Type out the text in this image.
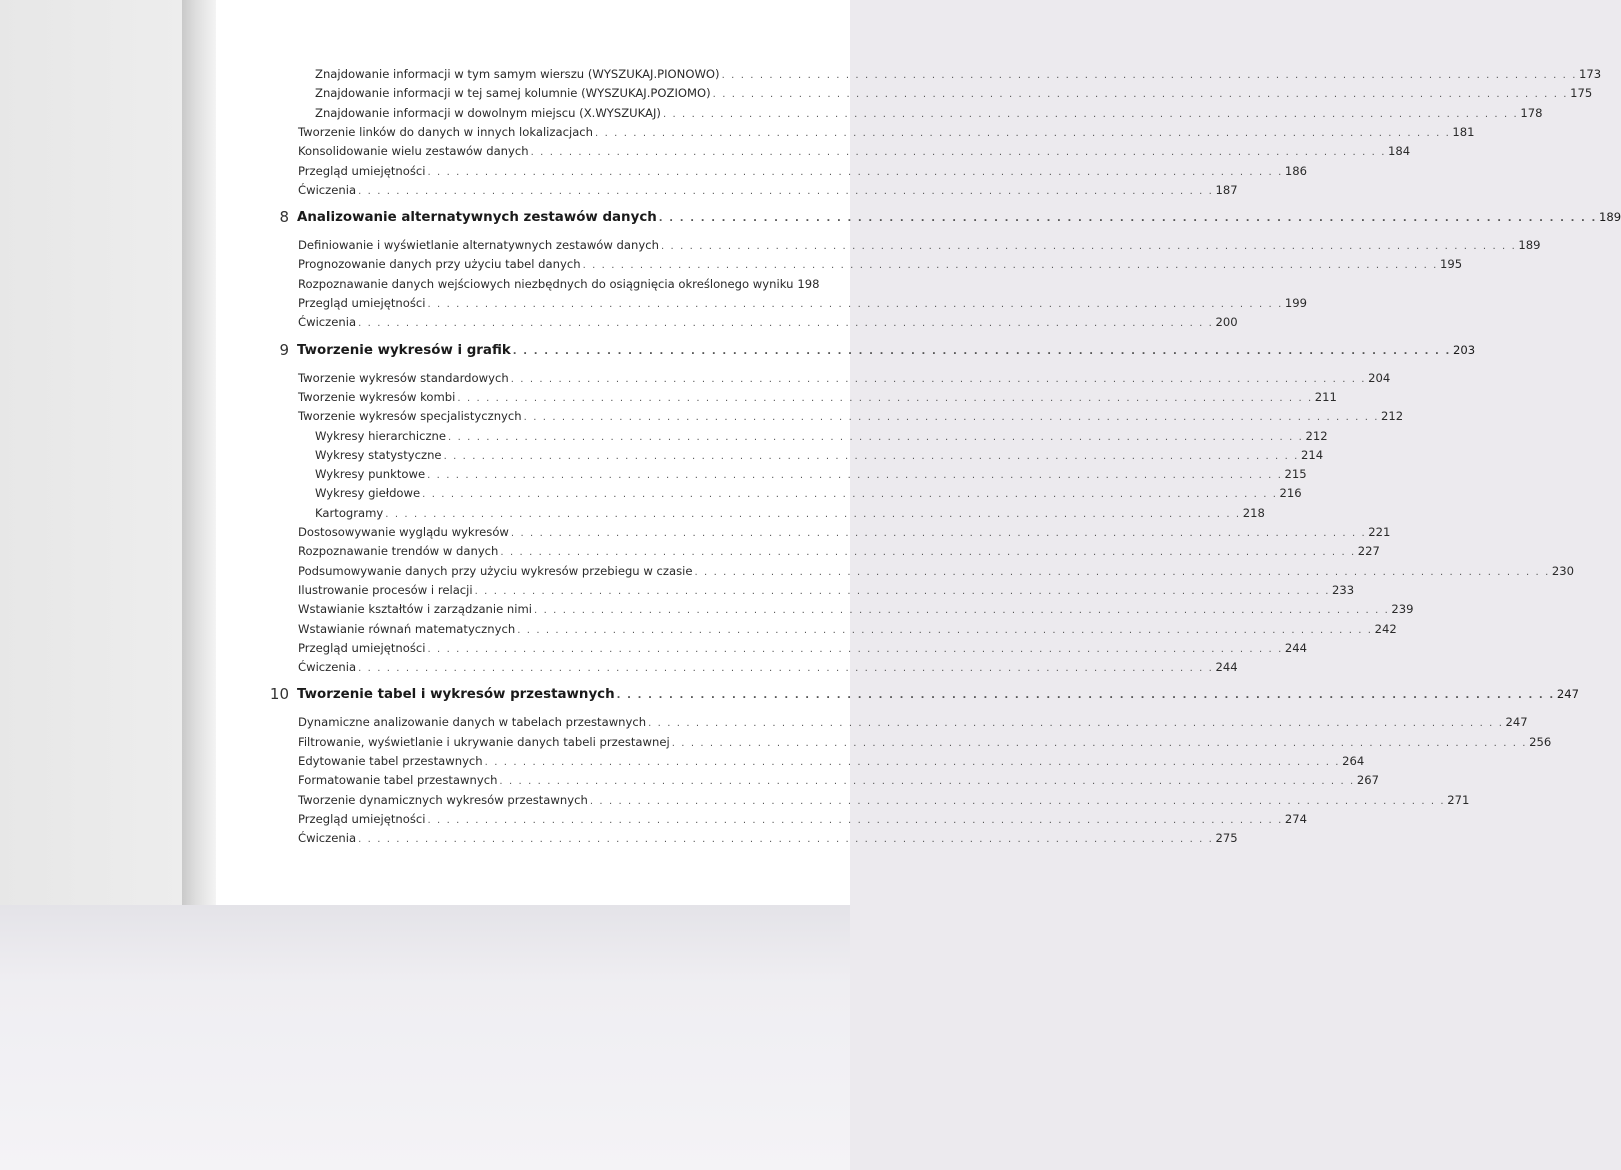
Znajdowanie informacji w tym samym wierszu (WYSZUKAJ.PIONOWO) . . . . . . . . . . . . . . . . . . . . . . . . . . . . . . . . . . . . . . . . . . . . . . . . . . . . . . . . . . . . . . . . . . . . . . . . . . . . . . . . . . . . . . . . . . 173
Znajdowanie informacji w tej samej kolumnie (WYSZUKAJ.POZIOMO) . . . . . . . . . . . . . . . . . . . . . . . . . . . . . . . . . . . . . . . . . . . . . . . . . . . . . . . . . . . . . . . . . . . . . . . . . . . . . . . . . . . . . . . . . . 175
Znajdowanie informacji w dowolnym miejscu (X.WYSZUKAJ) . . . . . . . . . . . . . . . . . . . . . . . . . . . . . . . . . . . . . . . . . . . . . . . . . . . . . . . . . . . . . . . . . . . . . . . . . . . . . . . . . . . . . . . . . . 178
Tworzenie linków do danych w innych lokalizacjach . . . . . . . . . . . . . . . . . . . . . . . . . . . . . . . . . . . . . . . . . . . . . . . . . . . . . . . . . . . . . . . . . . . . . . . . . . . . . . . . . . . . . . . . . . 181
Konsolidowanie wielu zestawów danych . . . . . . . . . . . . . . . . . . . . . . . . . . . . . . . . . . . . . . . . . . . . . . . . . . . . . . . . . . . . . . . . . . . . . . . . . . . . . . . . . . . . . . . . . . 184
Przegląd umiejętności . . . . . . . . . . . . . . . . . . . . . . . . . . . . . . . . . . . . . . . . . . . . . . . . . . . . . . . . . . . . . . . . . . . . . . . . . . . . . . . . . . . . . . . . . . 186
Ćwiczenia . . . . . . . . . . . . . . . . . . . . . . . . . . . . . . . . . . . . . . . . . . . . . . . . . . . . . . . . . . . . . . . . . . . . . . . . . . . . . . . . . . . . . . . . . . 187
8 Analizowanie alternatywnych zestawów danych . . . . . . . . . . . . . . . . . . . . . . . . . . . . . . . . . . . . . . . . . . . . . . . . . . . . . . . . . . . . . . . . . . . . . . . . . . . . . . . . . . . . . . . . . . 189
Definiowanie i wyświetlanie alternatywnych zestawów danych . . . . . . . . . . . . . . . . . . . . . . . . . . . . . . . . . . . . . . . . . . . . . . . . . . . . . . . . . . . . . . . . . . . . . . . . . . . . . . . . . . . . . . . . . . 189
Prognozowanie danych przy użyciu tabel danych . . . . . . . . . . . . . . . . . . . . . . . . . . . . . . . . . . . . . . . . . . . . . . . . . . . . . . . . . . . . . . . . . . . . . . . . . . . . . . . . . . . . . . . . . . 195
Rozpoznawanie danych wejściowych niezbędnych do osiągnięcia określonego wyniku 198
Przegląd umiejętności . . . . . . . . . . . . . . . . . . . . . . . . . . . . . . . . . . . . . . . . . . . . . . . . . . . . . . . . . . . . . . . . . . . . . . . . . . . . . . . . . . . . . . . . . . 199
Ćwiczenia . . . . . . . . . . . . . . . . . . . . . . . . . . . . . . . . . . . . . . . . . . . . . . . . . . . . . . . . . . . . . . . . . . . . . . . . . . . . . . . . . . . . . . . . . . 200
9 Tworzenie wykresów i grafik . . . . . . . . . . . . . . . . . . . . . . . . . . . . . . . . . . . . . . . . . . . . . . . . . . . . . . . . . . . . . . . . . . . . . . . . . . . . . . . . . . . . . . . . . . 203
Tworzenie wykresów standardowych . . . . . . . . . . . . . . . . . . . . . . . . . . . . . . . . . . . . . . . . . . . . . . . . . . . . . . . . . . . . . . . . . . . . . . . . . . . . . . . . . . . . . . . . . . 204
Tworzenie wykresów kombi . . . . . . . . . . . . . . . . . . . . . . . . . . . . . . . . . . . . . . . . . . . . . . . . . . . . . . . . . . . . . . . . . . . . . . . . . . . . . . . . . . . . . . . . . . 211
Tworzenie wykresów specjalistycznych . . . . . . . . . . . . . . . . . . . . . . . . . . . . . . . . . . . . . . . . . . . . . . . . . . . . . . . . . . . . . . . . . . . . . . . . . . . . . . . . . . . . . . . . . . 212
Wykresy hierarchiczne . . . . . . . . . . . . . . . . . . . . . . . . . . . . . . . . . . . . . . . . . . . . . . . . . . . . . . . . . . . . . . . . . . . . . . . . . . . . . . . . . . . . . . . . . . 212
Wykresy statystyczne . . . . . . . . . . . . . . . . . . . . . . . . . . . . . . . . . . . . . . . . . . . . . . . . . . . . . . . . . . . . . . . . . . . . . . . . . . . . . . . . . . . . . . . . . . 214
Wykresy punktowe . . . . . . . . . . . . . . . . . . . . . . . . . . . . . . . . . . . . . . . . . . . . . . . . . . . . . . . . . . . . . . . . . . . . . . . . . . . . . . . . . . . . . . . . . . 215
Wykresy giełdowe . . . . . . . . . . . . . . . . . . . . . . . . . . . . . . . . . . . . . . . . . . . . . . . . . . . . . . . . . . . . . . . . . . . . . . . . . . . . . . . . . . . . . . . . . . 216
Kartogramy . . . . . . . . . . . . . . . . . . . . . . . . . . . . . . . . . . . . . . . . . . . . . . . . . . . . . . . . . . . . . . . . . . . . . . . . . . . . . . . . . . . . . . . . . . 218
Dostosowywanie wyglądu wykresów . . . . . . . . . . . . . . . . . . . . . . . . . . . . . . . . . . . . . . . . . . . . . . . . . . . . . . . . . . . . . . . . . . . . . . . . . . . . . . . . . . . . . . . . . . 221
Rozpoznawanie trendów w danych . . . . . . . . . . . . . . . . . . . . . . . . . . . . . . . . . . . . . . . . . . . . . . . . . . . . . . . . . . . . . . . . . . . . . . . . . . . . . . . . . . . . . . . . . . 227
Podsumowywanie danych przy użyciu wykresów przebiegu w czasie . . . . . . . . . . . . . . . . . . . . . . . . . . . . . . . . . . . . . . . . . . . . . . . . . . . . . . . . . . . . . . . . . . . . . . . . . . . . . . . . . . . . . . . . . . 230
Ilustrowanie procesów i relacji . . . . . . . . . . . . . . . . . . . . . . . . . . . . . . . . . . . . . . . . . . . . . . . . . . . . . . . . . . . . . . . . . . . . . . . . . . . . . . . . . . . . . . . . . . 233
Wstawianie kształtów i zarządzanie nimi . . . . . . . . . . . . . . . . . . . . . . . . . . . . . . . . . . . . . . . . . . . . . . . . . . . . . . . . . . . . . . . . . . . . . . . . . . . . . . . . . . . . . . . . . . 239
Wstawianie równań matematycznych . . . . . . . . . . . . . . . . . . . . . . . . . . . . . . . . . . . . . . . . . . . . . . . . . . . . . . . . . . . . . . . . . . . . . . . . . . . . . . . . . . . . . . . . . . 242
Przegląd umiejętności . . . . . . . . . . . . . . . . . . . . . . . . . . . . . . . . . . . . . . . . . . . . . . . . . . . . . . . . . . . . . . . . . . . . . . . . . . . . . . . . . . . . . . . . . . 244
Ćwiczenia . . . . . . . . . . . . . . . . . . . . . . . . . . . . . . . . . . . . . . . . . . . . . . . . . . . . . . . . . . . . . . . . . . . . . . . . . . . . . . . . . . . . . . . . . . 244
10 Tworzenie tabel i wykresów przestawnych . . . . . . . . . . . . . . . . . . . . . . . . . . . . . . . . . . . . . . . . . . . . . . . . . . . . . . . . . . . . . . . . . . . . . . . . . . . . . . . . . . . . . . . . . . 247
Dynamiczne analizowanie danych w tabelach przestawnych . . . . . . . . . . . . . . . . . . . . . . . . . . . . . . . . . . . . . . . . . . . . . . . . . . . . . . . . . . . . . . . . . . . . . . . . . . . . . . . . . . . . . . . . . . 247
Filtrowanie, wyświetlanie i ukrywanie danych tabeli przestawnej . . . . . . . . . . . . . . . . . . . . . . . . . . . . . . . . . . . . . . . . . . . . . . . . . . . . . . . . . . . . . . . . . . . . . . . . . . . . . . . . . . . . . . . . . . 256
Edytowanie tabel przestawnych . . . . . . . . . . . . . . . . . . . . . . . . . . . . . . . . . . . . . . . . . . . . . . . . . . . . . . . . . . . . . . . . . . . . . . . . . . . . . . . . . . . . . . . . . . 264
Formatowanie tabel przestawnych . . . . . . . . . . . . . . . . . . . . . . . . . . . . . . . . . . . . . . . . . . . . . . . . . . . . . . . . . . . . . . . . . . . . . . . . . . . . . . . . . . . . . . . . . . 267
Tworzenie dynamicznych wykresów przestawnych . . . . . . . . . . . . . . . . . . . . . . . . . . . . . . . . . . . . . . . . . . . . . . . . . . . . . . . . . . . . . . . . . . . . . . . . . . . . . . . . . . . . . . . . . . 271
Przegląd umiejętności . . . . . . . . . . . . . . . . . . . . . . . . . . . . . . . . . . . . . . . . . . . . . . . . . . . . . . . . . . . . . . . . . . . . . . . . . . . . . . . . . . . . . . . . . . 274
Ćwiczenia . . . . . . . . . . . . . . . . . . . . . . . . . . . . . . . . . . . . . . . . . . . . . . . . . . . . . . . . . . . . . . . . . . . . . . . . . . . . . . . . . . . . . . . . . . 275
